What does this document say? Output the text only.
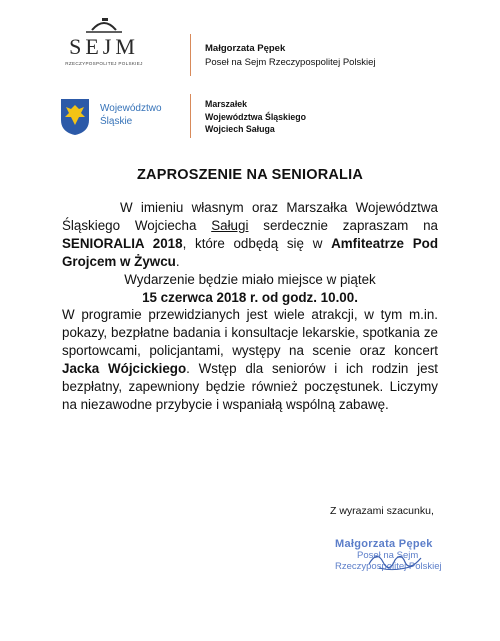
SEJM
RZECZYPOSPOLITEJ POLSKIEJ
Małgorzata Pępek
Poseł na Sejm Rzeczypospolitej Polskiej
Województwo
Śląskie
Marszałek
Województwa Śląskiego
Wojciech Saługa
ZAPROSZENIE NA SENIORALIA

W imieniu własnym oraz Marszałka Województwa Śląskiego Wojciecha Saługi serdecznie zapraszam na SENIORALIA 2018, które odbędą się w Amfiteatrze Pod Grojcem w Żywcu.

Wydarzenie będzie miało miejsce w piątek

15 czerwca 2018 r. od godz. 10.00.

W programie przewidzianych jest wiele atrakcji, w tym m.in. pokazy, bezpłatne badania i konsultacje lekarskie, spotkania ze sportowcami, policjantami, występy na scenie oraz koncert Jacka Wójcickiego. Wstęp dla seniorów i ich rodzin jest bezpłatny, zapewniony będzie również poczęstunek. Liczymy na niezawodne przybycie i wspaniałą wspólną zabawę.

Z wyrazami szacunku,
Małgorzata Pępek
Poseł na Sejm
Rzeczypospolitej Polskiej
